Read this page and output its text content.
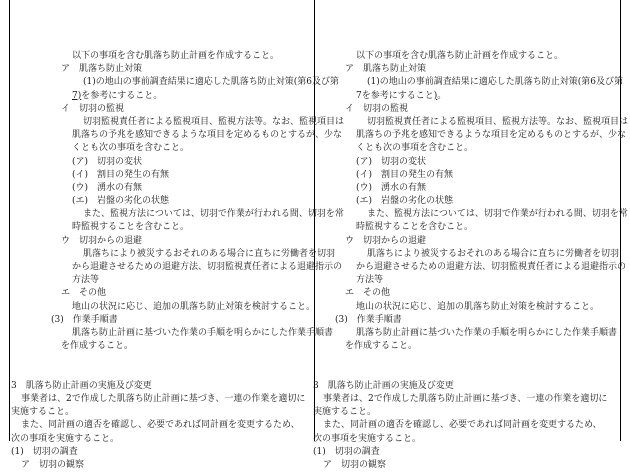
以下の事項を含む肌落ち防止計画を作成すること。
ア　肌落ち防止対策
(1)の地山の事前調査結果に適応した肌落ち防止対策(第6及び第
7)を参考にすること。
イ　切羽の監視
切羽監視責任者による監視項目、監視方法等。なお、監視項目は
肌落ちの予兆を感知できるような項目を定めるものとするが、少な
くとも次の事項を含むこと。
(ア)　切羽の変状
(イ)　割目の発生の有無
(ウ)　湧水の有無
(エ)　岩盤の劣化の状態
また、監視方法については、切羽で作業が行われる間、切羽を常
時監視することを含むこと。
ウ　切羽からの退避
肌落ちにより被災するおそれのある場合に直ちに労働者を切羽
から退避させるための退避方法、切羽監視責任者による退避指示の
方法等
エ　その他
地山の状況に応じ、追加の肌落ち防止対策を検討すること。
(3)　作業手順書
肌落ち防止計画に基づいた作業の手順を明らかにした作業手順書
を作成すること。
3　肌落ち防止計画の実施及び変更
事業者は、2で作成した肌落ち防止計画に基づき、一連の作業を適切に
実施すること。
また、同計画の適否を確認し、必要であれば同計画を変更するため、
次の事項を実施すること。
(1)　切羽の調査
ア　切羽の観察
以下の事項を含む肌落ち防止計画を作成すること。
ア　肌落ち防止対策
(1)の地山の事前調査結果に適応した肌落ち防止対策(第6及び第
7を参考にすること)。
イ　切羽の監視
切羽監視責任者による監視項目、監視方法等。なお、監視項目は
肌落ちの予兆を感知できるような項目を定めるものとするが、少な
くとも次の事項を含むこと。
(ア)　切羽の変状
(イ)　割目の発生の有無
(ウ)　湧水の有無
(エ)　岩盤の劣化の状態
また、監視方法については、切羽で作業が行われる間、切羽を常
時監視することを含むこと。
ウ　切羽からの退避
肌落ちにより被災するおそれのある場合に直ちに労働者を切羽
から退避させるための退避方法、切羽監視責任者による退避指示の
方法等
エ　その他
地山の状況に応じ、追加の肌落ち防止対策を検討すること。
(3)　作業手順書
肌落ち防止計画に基づいた作業の手順を明らかにした作業手順書
を作成すること。
3　肌落ち防止計画の実施及び変更
事業者は、2で作成した肌落ち防止計画に基づき、一連の作業を適切に
実施すること。
また、同計画の適否を確認し、必要であれば同計画を変更するため、
次の事項を実施すること。
(1)　切羽の調査
ア　切羽の観察
